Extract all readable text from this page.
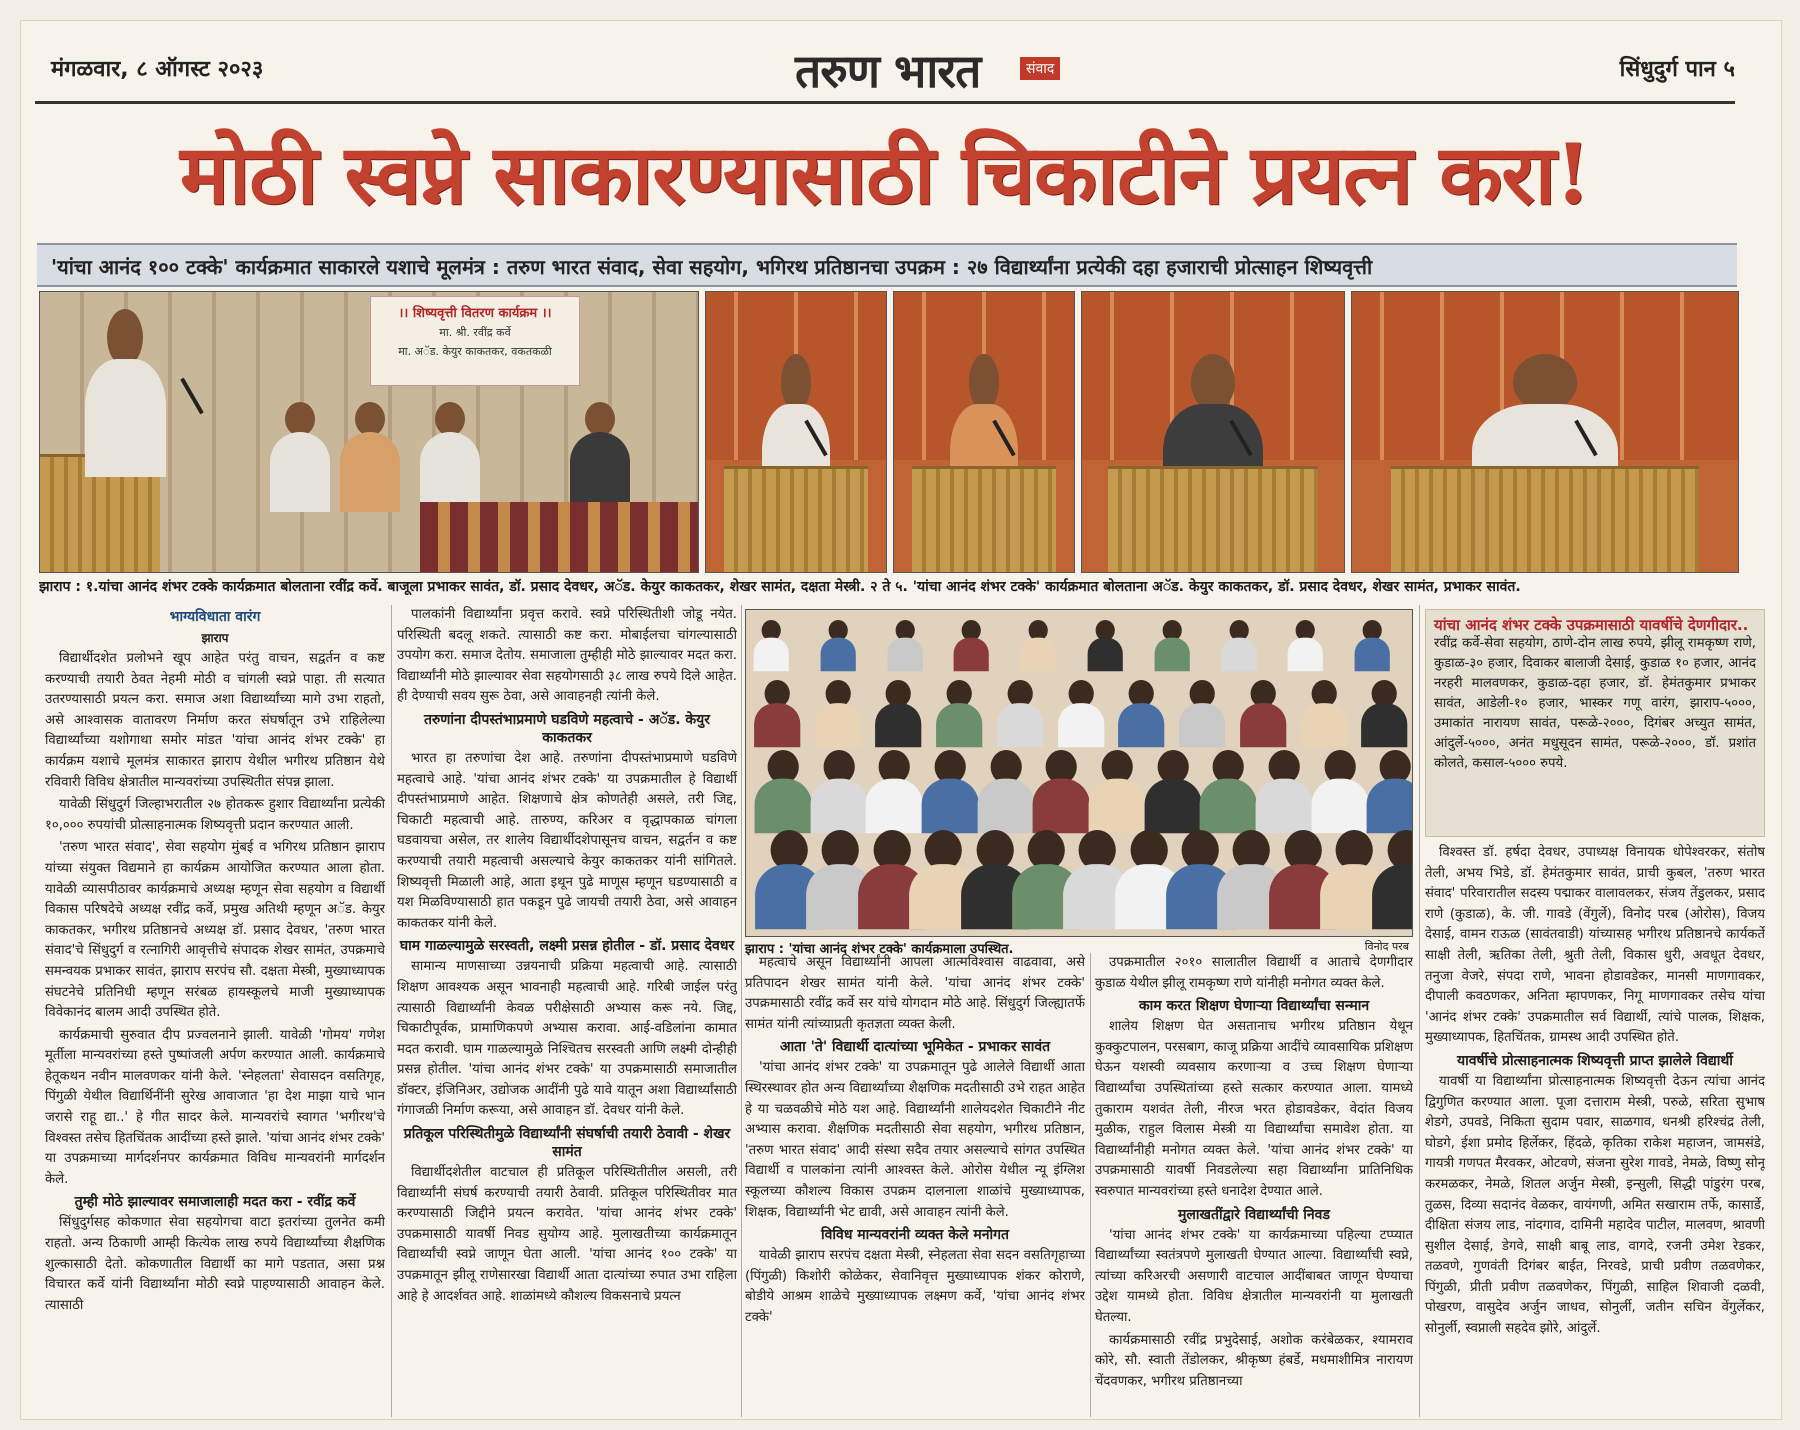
मंगळवार, ८ ऑगस्ट २०२३	तरुण भारत	संवाद	सिंधुदुर्ग पान ५
मोठी स्वप्ने साकारण्यासाठी चिकाटीने प्रयत्न करा!
'यांचा आनंद १०० टक्के' कार्यक्रमात साकारले यशाचे मूलमंत्र : तरुण भारत संवाद, सेवा सहयोग, भगिरथ प्रतिष्ठानचा उपक्रम : २७ विद्यार्थ्यांना प्रत्येकी दहा हजाराची प्रोत्साहन शिष्यवृत्ती
।। शिष्यवृत्ती वितरण कार्यक्रम ।।
मा. श्री. रवींद्र कर्वे
मा. अॅड. केयुर काकतकर, वकतकळी
झाराप : १.यांचा आनंद शंभर टक्के कार्यक्रमात बोलताना रवींद्र कर्वे. बाजूला प्रभाकर सावंत, डॉ. प्रसाद देवधर, अॅड. केयुर काकतकर, शेखर सामंत, दक्षता मेस्त्री. २ ते ५. 'यांचा आनंद शंभर टक्के' कार्यक्रमात बोलताना अॅड. केयुर काकतकर, डॉ. प्रसाद देवधर, शेखर सामंत, प्रभाकर सावंत.
भाग्यविधाता वारंग
झाराप

विद्यार्थीदशेत प्रलोभने खूप आहेत परंतु वाचन, सद्वर्तन व कष्ट करण्याची तयारी ठेवत नेहमी मोठी व चांगली स्वप्ने पाहा. ती सत्यात उतरण्यासाठी प्रयत्न करा. समाज अशा विद्यार्थ्यांच्या मागे उभा राहतो, असे आश्वासक वातावरण निर्माण करत संघर्षातून उभे राहिलेल्या विद्यार्थ्यांच्या यशोगाथा समोर मांडत 'यांचा आनंद शंभर टक्के' हा कार्यक्रम यशाचे मूलमंत्र साकारत झाराप येथील भगीरथ प्रतिष्ठान येथे रविवारी विविध क्षेत्रातील मान्यवरांच्या उपस्थितीत संपन्न झाला.

यावेळी सिंधुदुर्ग जिल्हाभरातील २७ होतकरू हुशार विद्यार्थ्यांना प्रत्येकी १०,००० रुपयांची प्रोत्साहनात्मक शिष्यवृत्ती प्रदान करण्यात आली.

'तरुण भारत संवाद', सेवा सहयोग मुंबई व भगिरथ प्रतिष्ठान झाराप यांच्या संयुक्त विद्यमाने हा कार्यक्रम आयोजित करण्यात आला होता. यावेळी व्यासपीठावर कार्यक्रमाचे अध्यक्ष म्हणून सेवा सहयोग व विद्यार्थी विकास परिषदेचे अध्यक्ष रवींद्र कर्वे, प्रमुख अतिथी म्हणून अॅड. केयुर काकतकर, भगीरथ प्रतिष्ठानचे अध्यक्ष डॉ. प्रसाद देवधर, 'तरुण भारत संवाद'चे सिंधुदुर्ग व रत्नागिरी आवृत्तीचे संपादक शेखर सामंत, उपक्रमाचे समन्वयक प्रभाकर सावंत, झाराप सरपंच सौ. दक्षता मेस्त्री, मुख्याध्यापक संघटनेचे प्रतिनिधी म्हणून सरंबळ हायस्कूलचे माजी मुख्याध्यापक विवेकानंद बालम आदी उपस्थित होते.

कार्यक्रमाची सुरुवात दीप प्रज्वलनाने झाली. यावेळी 'गोमय' गणेश मूर्तीला मान्यवरांच्या हस्ते पुष्पांजली अर्पण करण्यात आली. कार्यक्रमाचे हेतूकथन नवीन मालवणकर यांनी केले. 'स्नेहलता' सेवासदन वसतिगृह, पिंगुळी येथील विद्यार्थिनींनी सुरेख आवाजात 'हा देश माझा याचे भान जरासे राहू द्या..' हे गीत सादर केले. मान्यवरांचे स्वागत 'भगीरथ'चे विश्वस्त तसेच हितचिंतक आदींच्या हस्ते झाले. 'यांचा आनंद शंभर टक्के' या उपक्रमाच्या मार्गदर्शनपर कार्यक्रमात विविध मान्यवरांनी मार्गदर्शन केले.

तुम्ही मोठे झाल्यावर समाजालाही मदत करा - रवींद्र कर्वे

सिंधुदुर्गसह कोकणात सेवा सहयोगचा वाटा इतरांच्या तुलनेत कमी राहतो. अन्य ठिकाणी आम्ही कित्येक लाख रुपये विद्यार्थ्यांच्या शैक्षणिक शुल्कासाठी देतो. कोकणातील विद्यार्थी का मागे पडतात, असा प्रश्न विचारत कर्वे यांनी विद्यार्थ्यांना मोठी स्वप्ने पाहण्यासाठी आवाहन केले. त्यासाठी

पालकांनी विद्यार्थ्यांना प्रवृत्त करावे. स्वप्ने परिस्थितीशी जोडू नयेत. परिस्थिती बदलू शकते. त्यासाठी कष्ट करा. मोबाईलचा चांगल्यासाठी उपयोग करा. समाज देतोय. समाजाला तुम्हीही मोठे झाल्यावर मदत करा. विद्यार्थ्यांनी मोठे झाल्यावर सेवा सहयोगसाठी ३८ लाख रुपये दिले आहेत. ही देण्याची सवय सुरू ठेवा, असे आवाहनही त्यांनी केले.

तरुणांना दीपस्तंभाप्रमाणे घडविणे महत्वाचे - अॅड. केयुर काकतकर

भारत हा तरुणांचा देश आहे. तरुणांना दीपस्तंभाप्रमाणे घडविणे महत्वाचे आहे. 'यांचा आनंद शंभर टक्के' या उपक्रमातील हे विद्यार्थी दीपस्तंभाप्रमाणे आहेत. शिक्षणाचे क्षेत्र कोणतेही असले, तरी जिद्द, चिकाटी महत्वाची आहे. तारुण्य, करिअर व वृद्धापकाळ चांगला घडवायचा असेल, तर शालेय विद्यार्थीदशेपासूनच वाचन, सद्वर्तन व कष्ट करण्याची तयारी महत्वाची असल्याचे केयुर काकतकर यांनी सांगितले. शिष्यवृत्ती मिळाली आहे, आता इथून पुढे माणूस म्हणून घडण्यासाठी व यश मिळविण्यासाठी हात पकडून पुढे जायची तयारी ठेवा, असे आवाहन काकतकर यांनी केले.

घाम गाळल्यामुळे सरस्वती, लक्ष्मी प्रसन्न होतील - डॉ. प्रसाद देवधर

सामान्य माणसाच्या उन्नयनाची प्रक्रिया महत्वाची आहे. त्यासाठी शिक्षण आवश्यक असून भावनाही महत्वाची आहे. गरिबी जाईल परंतु त्यासाठी विद्यार्थ्यांनी केवळ परीक्षेसाठी अभ्यास करू नये. जिद्द, चिकाटीपूर्वक, प्रामाणिकपणे अभ्यास करावा. आई-वडिलांना कामात मदत करावी. घाम गाळल्यामुळे निश्चितच सरस्वती आणि लक्ष्मी दोन्हीही प्रसन्न होतील. 'यांचा आनंद शंभर टक्के' या उपक्रमासाठी समाजातील डॉक्टर, इंजिनिअर, उद्योजक आदींनी पुढे यावे यातून अशा विद्यार्थ्यांसाठी गंगाजळी निर्माण करूया, असे आवाहन डॉ. देवधर यांनी केले.

प्रतिकूल परिस्थितीमुळे विद्यार्थ्यांनी संघर्षाची तयारी ठेवावी - शेखर सामंत

विद्यार्थीदशेतील वाटचाल ही प्रतिकूल परिस्थितीतील असली, तरी विद्यार्थ्यांनी संघर्ष करण्याची तयारी ठेवावी. प्रतिकूल परिस्थितीवर मात करण्यासाठी जिद्दीने प्रयत्न करावेत. 'यांचा आनंद शंभर टक्के' उपक्रमासाठी यावर्षी निवड सुयोग्य आहे. मुलाखतीच्या कार्यक्रमातून विद्यार्थ्यांची स्वप्ने जाणून घेता आली. 'यांचा आनंद १०० टक्के' या उपक्रमातून झीलू राणेसारखा विद्यार्थी आता दात्यांच्या रुपात उभा राहिला आहे हे आदर्शवत आहे. शाळांमध्ये कौशल्य विकसनाचे प्रयत्न

झाराप : 'यांचा आनंद शंभर टक्के' कार्यक्रमाला उपस्थित.	विनोद परब

महत्वाचे असून विद्यार्थ्यांनी आपला आत्मविश्वास वाढवावा, असे प्रतिपादन शेखर सामंत यांनी केले. 'यांचा आनंद शंभर टक्के' उपक्रमासाठी रवींद्र कर्वे सर यांचे योगदान मोठे आहे. सिंधुदुर्ग जिल्ह्यातर्फे सामंत यांनी त्यांच्याप्रती कृतज्ञता व्यक्त केली.

आता 'ते' विद्यार्थी दात्यांच्या भूमिकेत - प्रभाकर सावंत

'यांचा आनंद शंभर टक्के' या उपक्रमातून पुढे आलेले विद्यार्थी आता स्थिरस्थावर होत अन्य विद्यार्थ्यांच्या शैक्षणिक मदतीसाठी उभे राहत आहेत हे या चळवळीचे मोठे यश आहे. विद्यार्थ्यांनी शालेयदशेत चिकाटीने नीट अभ्यास करावा. शैक्षणिक मदतीसाठी सेवा सहयोग, भगीरथ प्रतिष्ठान, 'तरुण भारत संवाद' आदी संस्था सदैव तयार असल्याचे सांगत उपस्थित विद्यार्थी व पालकांना त्यांनी आश्वस्त केले. ओरोस येथील न्यू इंग्लिश स्कूलच्या कौशल्य विकास उपक्रम दालनाला शाळांचे मुख्याध्यापक, शिक्षक, विद्यार्थ्यांनी भेट द्यावी, असे आवाहन त्यांनी केले.

विविध मान्यवरांनी व्यक्त केले मनोगत

यावेळी झाराप सरपंच दक्षता मेस्त्री, स्नेहलता सेवा सदन वसतिगृहाच्या (पिंगुळी) किशोरी कोळेकर, सेवानिवृत्त मुख्याध्यापक शंकर कोराणे, बोडीये आश्रम शाळेचे मुख्याध्यापक लक्ष्मण कर्वे, 'यांचा आनंद शंभर टक्के'

उपक्रमातील २०१० सालातील विद्यार्थी व आताचे देणगीदार कुडाळ येथील झीलू रामकृष्ण राणे यांनीही मनोगत व्यक्त केले.

काम करत शिक्षण घेणाऱ्या विद्यार्थ्यांचा सन्मान

शालेय शिक्षण घेत असतानाच भगीरथ प्रतिष्ठान येथून कुक्कुटपालन, परसबाग, काजू प्रक्रिया आदींचे व्यावसायिक प्रशिक्षण घेऊन यशस्वी व्यवसाय करणाऱ्या व उच्च शिक्षण घेणाऱ्या विद्यार्थ्यांचा उपस्थितांच्या हस्ते सत्कार करण्यात आला. यामध्ये तुकाराम यशवंत तेली, नीरज भरत होडावडेकर, वेदांत विजय मुळीक, राहुल विलास मेस्त्री या विद्यार्थ्यांचा समावेश होता. या विद्यार्थ्यांनीही मनोगत व्यक्त केले. 'यांचा आनंद शंभर टक्के' या उपक्रमासाठी यावर्षी निवडलेल्या सहा विद्यार्थ्यांना प्रातिनिधिक स्वरुपात मान्यवरांच्या हस्ते धनादेश देण्यात आले.

मुलाखतींद्वारे विद्यार्थ्यांची निवड

'यांचा आनंद शंभर टक्के' या कार्यक्रमाच्या पहिल्या टप्प्यात विद्यार्थ्यांच्या स्वतंत्रपणे मुलाखती घेण्यात आल्या. विद्यार्थ्यांची स्वप्ने, त्यांच्या करिअरची असणारी वाटचाल आदींबाबत जाणून घेण्याचा उद्देश यामध्ये होता. विविध क्षेत्रातील मान्यवरांनी या मुलाखती घेतल्या.

कार्यक्रमासाठी रवींद्र प्रभुदेसाई, अशोक करंबेळकर, श्यामराव कोरे, सौ. स्वाती तेंडोलकर, श्रीकृष्ण हंबर्डे, मधमाशीमित्र नारायण चेंदवणकर, भगीरथ प्रतिष्ठानच्या

यांचा आनंद शंभर टक्के उपक्रमासाठी यावर्षीचे देणगीदार..
रवींद्र कर्वे-सेवा सहयोग, ठाणे-दोन लाख रुपये, झीलू रामकृष्ण राणे, कुडाळ-३० हजार, दिवाकर बालाजी देसाई, कुडाळ १० हजार, आनंद नरहरी मालवणकर, कुडाळ-दहा हजार, डॉ. हेमंतकुमार प्रभाकर सावंत, आडेली-१० हजार, भास्कर गणू वारंग, झाराप-५०००, उमाकांत नारायण सावंत, परूळे-२०००, दिगंबर अच्युत सामंत, आंदुर्ले-५०००, अनंत मधुसूदन सामंत, परूळे-२०००, डॉ. प्रशांत कोलते, कसाल-५००० रुपये.

विश्वस्त डॉ. हर्षदा देवधर, उपाध्यक्ष विनायक धोपेश्वरकर, संतोष तेली, अभय भिडे, डॉ. हेमंतकुमार सावंत, प्राची कुबल, 'तरुण भारत संवाद' परिवारातील सदस्य पद्माकर वालावलकर, संजय तेंडुलकर, प्रसाद राणे (कुडाळ), के. जी. गावडे (वेंगुर्ले), विनोद परब (ओरोस), विजय देसाई, वामन राऊळ (सावंतवाडी) यांच्यासह भगीरथ प्रतिष्ठानचे कार्यकर्ते साक्षी तेली, ऋतिका तेली, श्रुती तेली, विकास धुरी, अवधूत देवधर, तनुजा वेजरे, संपदा राणे, भावना होडावडेकर, मानसी माणगावकर, दीपाली कवठणकर, अनिता म्हापणकर, निगू माणगावकर तसेच यांचा 'आनंद शंभर टक्के' उपक्रमातील सर्व विद्यार्थी, त्यांचे पालक, शिक्षक, मुख्याध्यापक, हितचिंतक, ग्रामस्थ आदी उपस्थित होते.

यावर्षीचे प्रोत्साहनात्मक शिष्यवृत्ती प्राप्त झालेले विद्यार्थी

यावर्षी या विद्यार्थ्यांना प्रोत्साहनात्मक शिष्यवृत्ती देऊन त्यांचा आनंद द्विगुणित करण्यात आला. पूजा दत्ताराम मेस्त्री, परुळे, सरिता सुभाष शेडगे, उपवडे, निकिता सुदाम पवार, साळगाव, धनश्री हरिश्चंद्र तेली, घोडगे, ईशा प्रमोद हिर्लेकर, हिंदळे, कृतिका राकेश महाजन, जामसंडे, गायत्री गणपत मैरवकर, ओटवणे, संजना सुरेश गावडे, नेमळे, विष्णु सोनू करमळकर, नेमळे, शितल अर्जुन मेस्त्री, इन्सुली, सिद्धी पांडुरंग परब, तुळस, दिव्या सदानंद वेळकर, वायंगणी, अमित सखाराम तर्फे, कासार्डे, दीक्षिता संजय लाड, नांदगाव, दामिनी महादेव पाटील, मालवण, श्रावणी सुशील देसाई, डेगवे, साक्षी बाबू लाड, वागदे, रजनी उमेश रेडकर, तळवणे, गुणवंती दिगंबर बाईत, निरवडे, प्राची प्रवीण तळवणेकर, पिंगुळी, प्रीती प्रवीण तळवणेकर, पिंगुळी, साहिल शिवाजी दळवी, पोखरण, वासुदेव अर्जुन जाधव, सोनुर्ली, जतीन सचिन वेंगुर्लेकर, सोनुर्ली, स्वप्नाली सहदेव झोरे, आंदुर्ले.
